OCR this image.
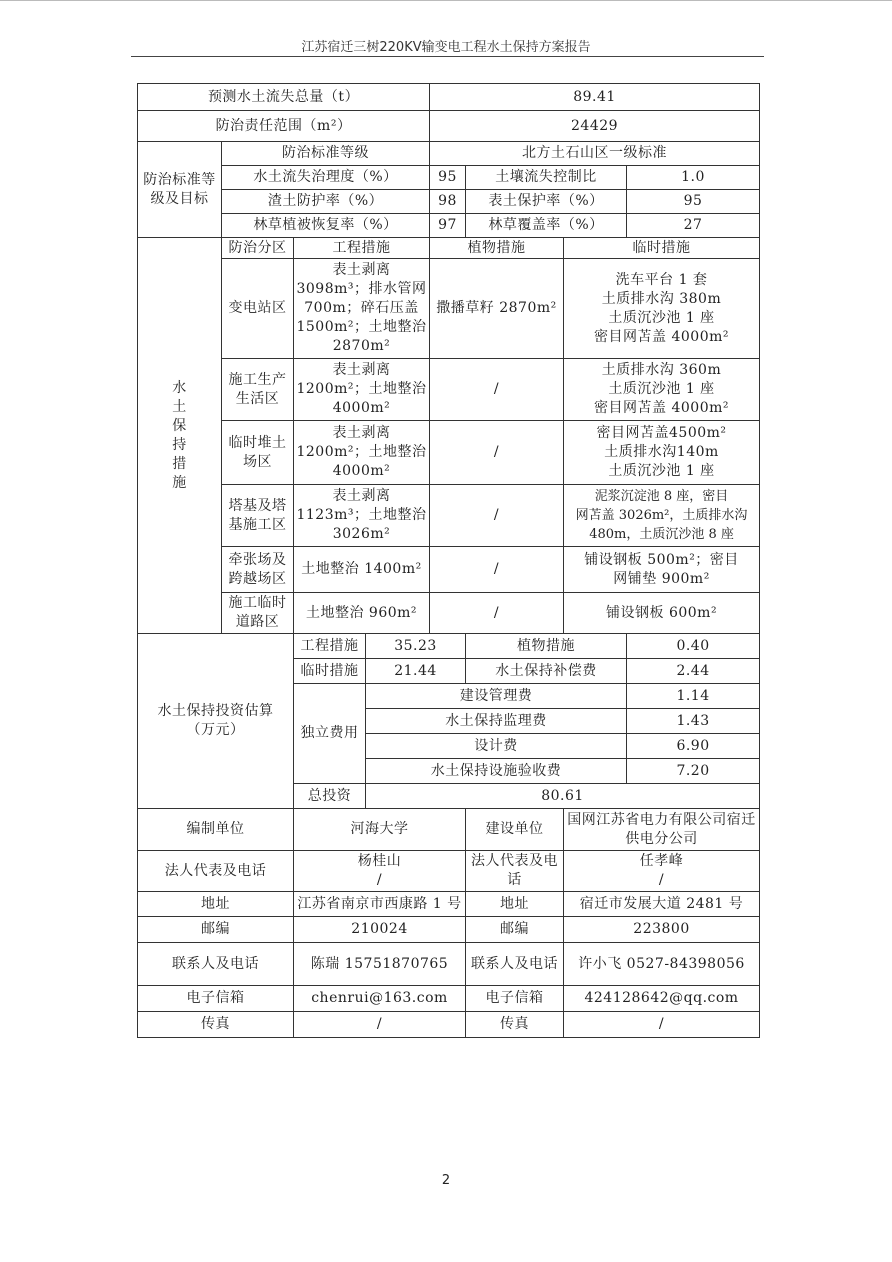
江苏宿迁三树220KV输变电工程水土保持方案报告
预测水土流失总量（t）				89.41			
防治责任范围（m²）				24429			
防治标准等级及目标	防治标准等级			北方土石山区一级标准			
	水土流失治理度（%）			95	土壤流失控制比		1.0
	渣土防护率（%）			98	表土保护率（%）		95
	林草植被恢复率（%）			97	林草覆盖率（%）		27
水土保持措施	防治分区	工程措施		植物措施		临时措施	
	变电站区	表土剥离
3098m³；排水管网
700m；碎石压盖
1500m²；土地整治
2870m²		撒播草籽 2870m²		洗车平台 1 套
土质排水沟 380m
土质沉沙池 1 座
密目网苫盖 4000m²	

	施工生产生活区	表土剥离
1200m²；土地整治
4000m²		/		土质排水沟 360m
土质沉沙池 1 座
密目网苫盖 4000m²	

	临时堆土场区	表土剥离
1200m²；土地整治
4000m²		/		密目网苫盖4500m²
土质排水沟140m
土质沉沙池 1 座	

	塔基及塔基施工区	表土剥离
1123m³；土地整治
3026m²		/		泥浆沉淀池 8 座，密目
网苫盖 3026m²，土质排水沟
480m，土质沉沙池 8 座	

	牵张场及跨越场区	土地整治 1400m²		/		铺设钢板 500m²；密目
网铺垫 900m²	

	施工临时道路区	土地整治 960m²		/		铺设钢板 600m²	

水土保持投资估算（万元）		工程措施	35.23		植物措施		0.40
		临时措施	21.44		水土保持补偿费		2.44
		独立费用	建设管理费				1.14
			水土保持监理费				1.43
			设计费				6.90
			水土保持设施验收费				7.20
		总投资	80.61				
编制单位		河海大学			建设单位	国网江苏省电力有限公司宿迁供电分公司	
法人代表及电话		杨桂山
/			法人代表及电话	任孝峰
/	

地址		江苏省南京市西康路 1 号			地址	宿迁市发展大道 2481 号	
邮编		210024			邮编	223800	
联系人及电话		陈瑞 15751870765			联系人及电话	许小飞 0527-84398056	
电子信箱		chenrui@163.com			电子信箱	424128642@qq.com	
传真		/			传真	/	
2
